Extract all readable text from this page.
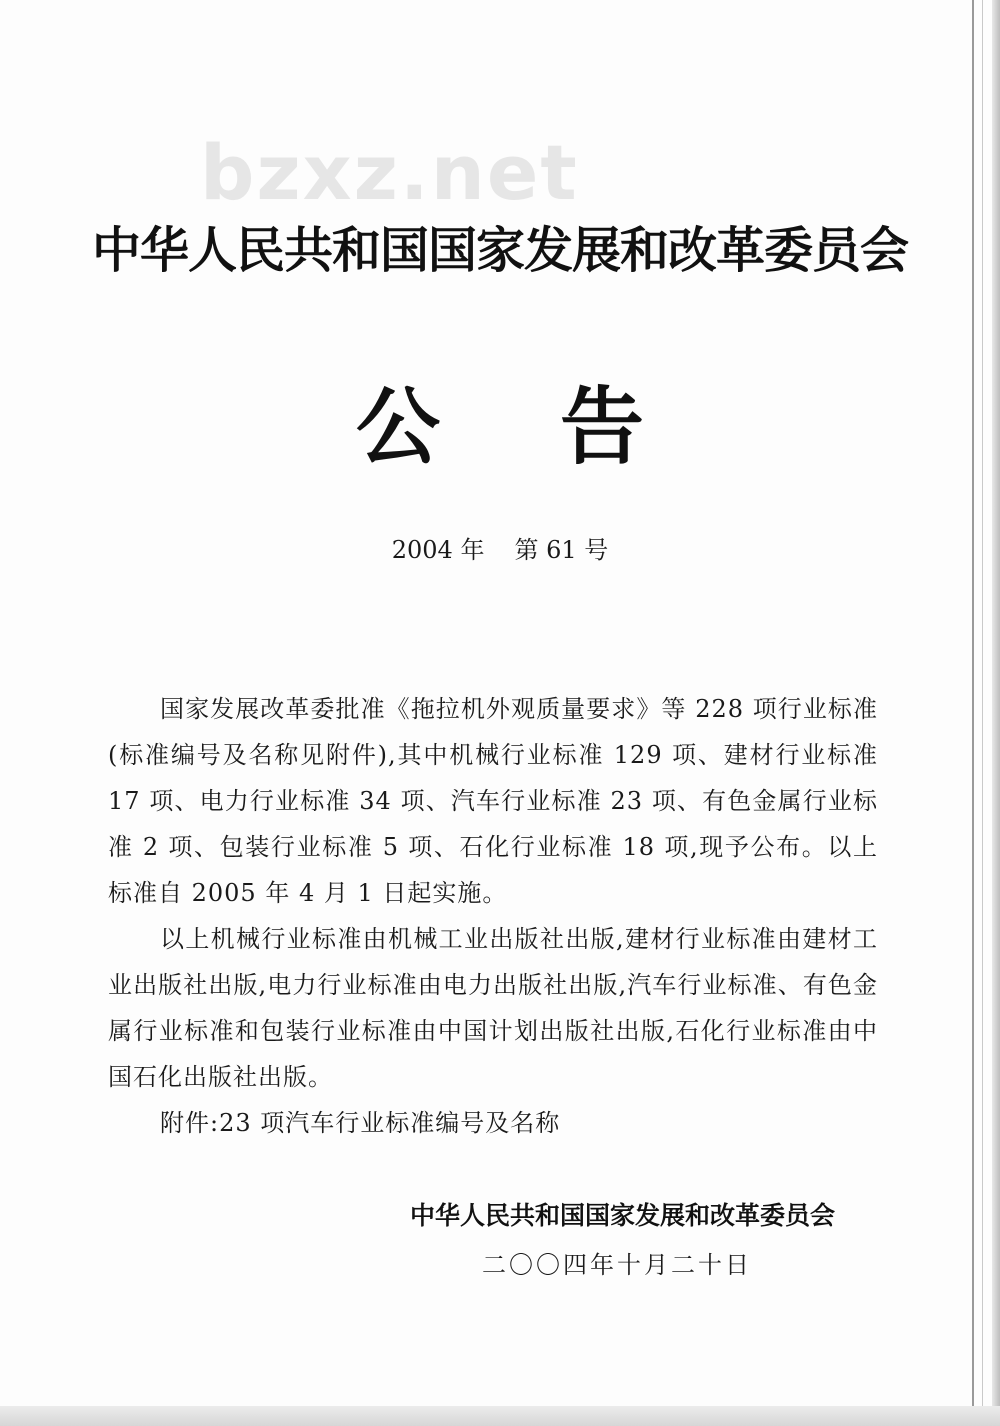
bzxz.net
中华人民共和国国家发展和改革委员会
公告
2004 年 第 61 号

国家发展改革委批准《拖拉机外观质量要求》等 228 项行业标准(标准编号及名称见附件),其中机械行业标准 129 项、建材行业标准 17 项、电力行业标准 34 项、汽车行业标准 23 项、有色金属行业标准 2 项、包装行业标准 5 项、石化行业标准 18 项,现予公布。以上标准自 2005 年 4 月 1 日起实施。

以上机械行业标准由机械工业出版社出版,建材行业标准由建材工业出版社出版,电力行业标准由电力出版社出版,汽车行业标准、有色金属行业标准和包装行业标准由中国计划出版社出版,石化行业标准由中国石化出版社出版。

附件:23 项汽车行业标准编号及名称

中华人民共和国国家发展和改革委员会
二〇〇四年十月二十日
